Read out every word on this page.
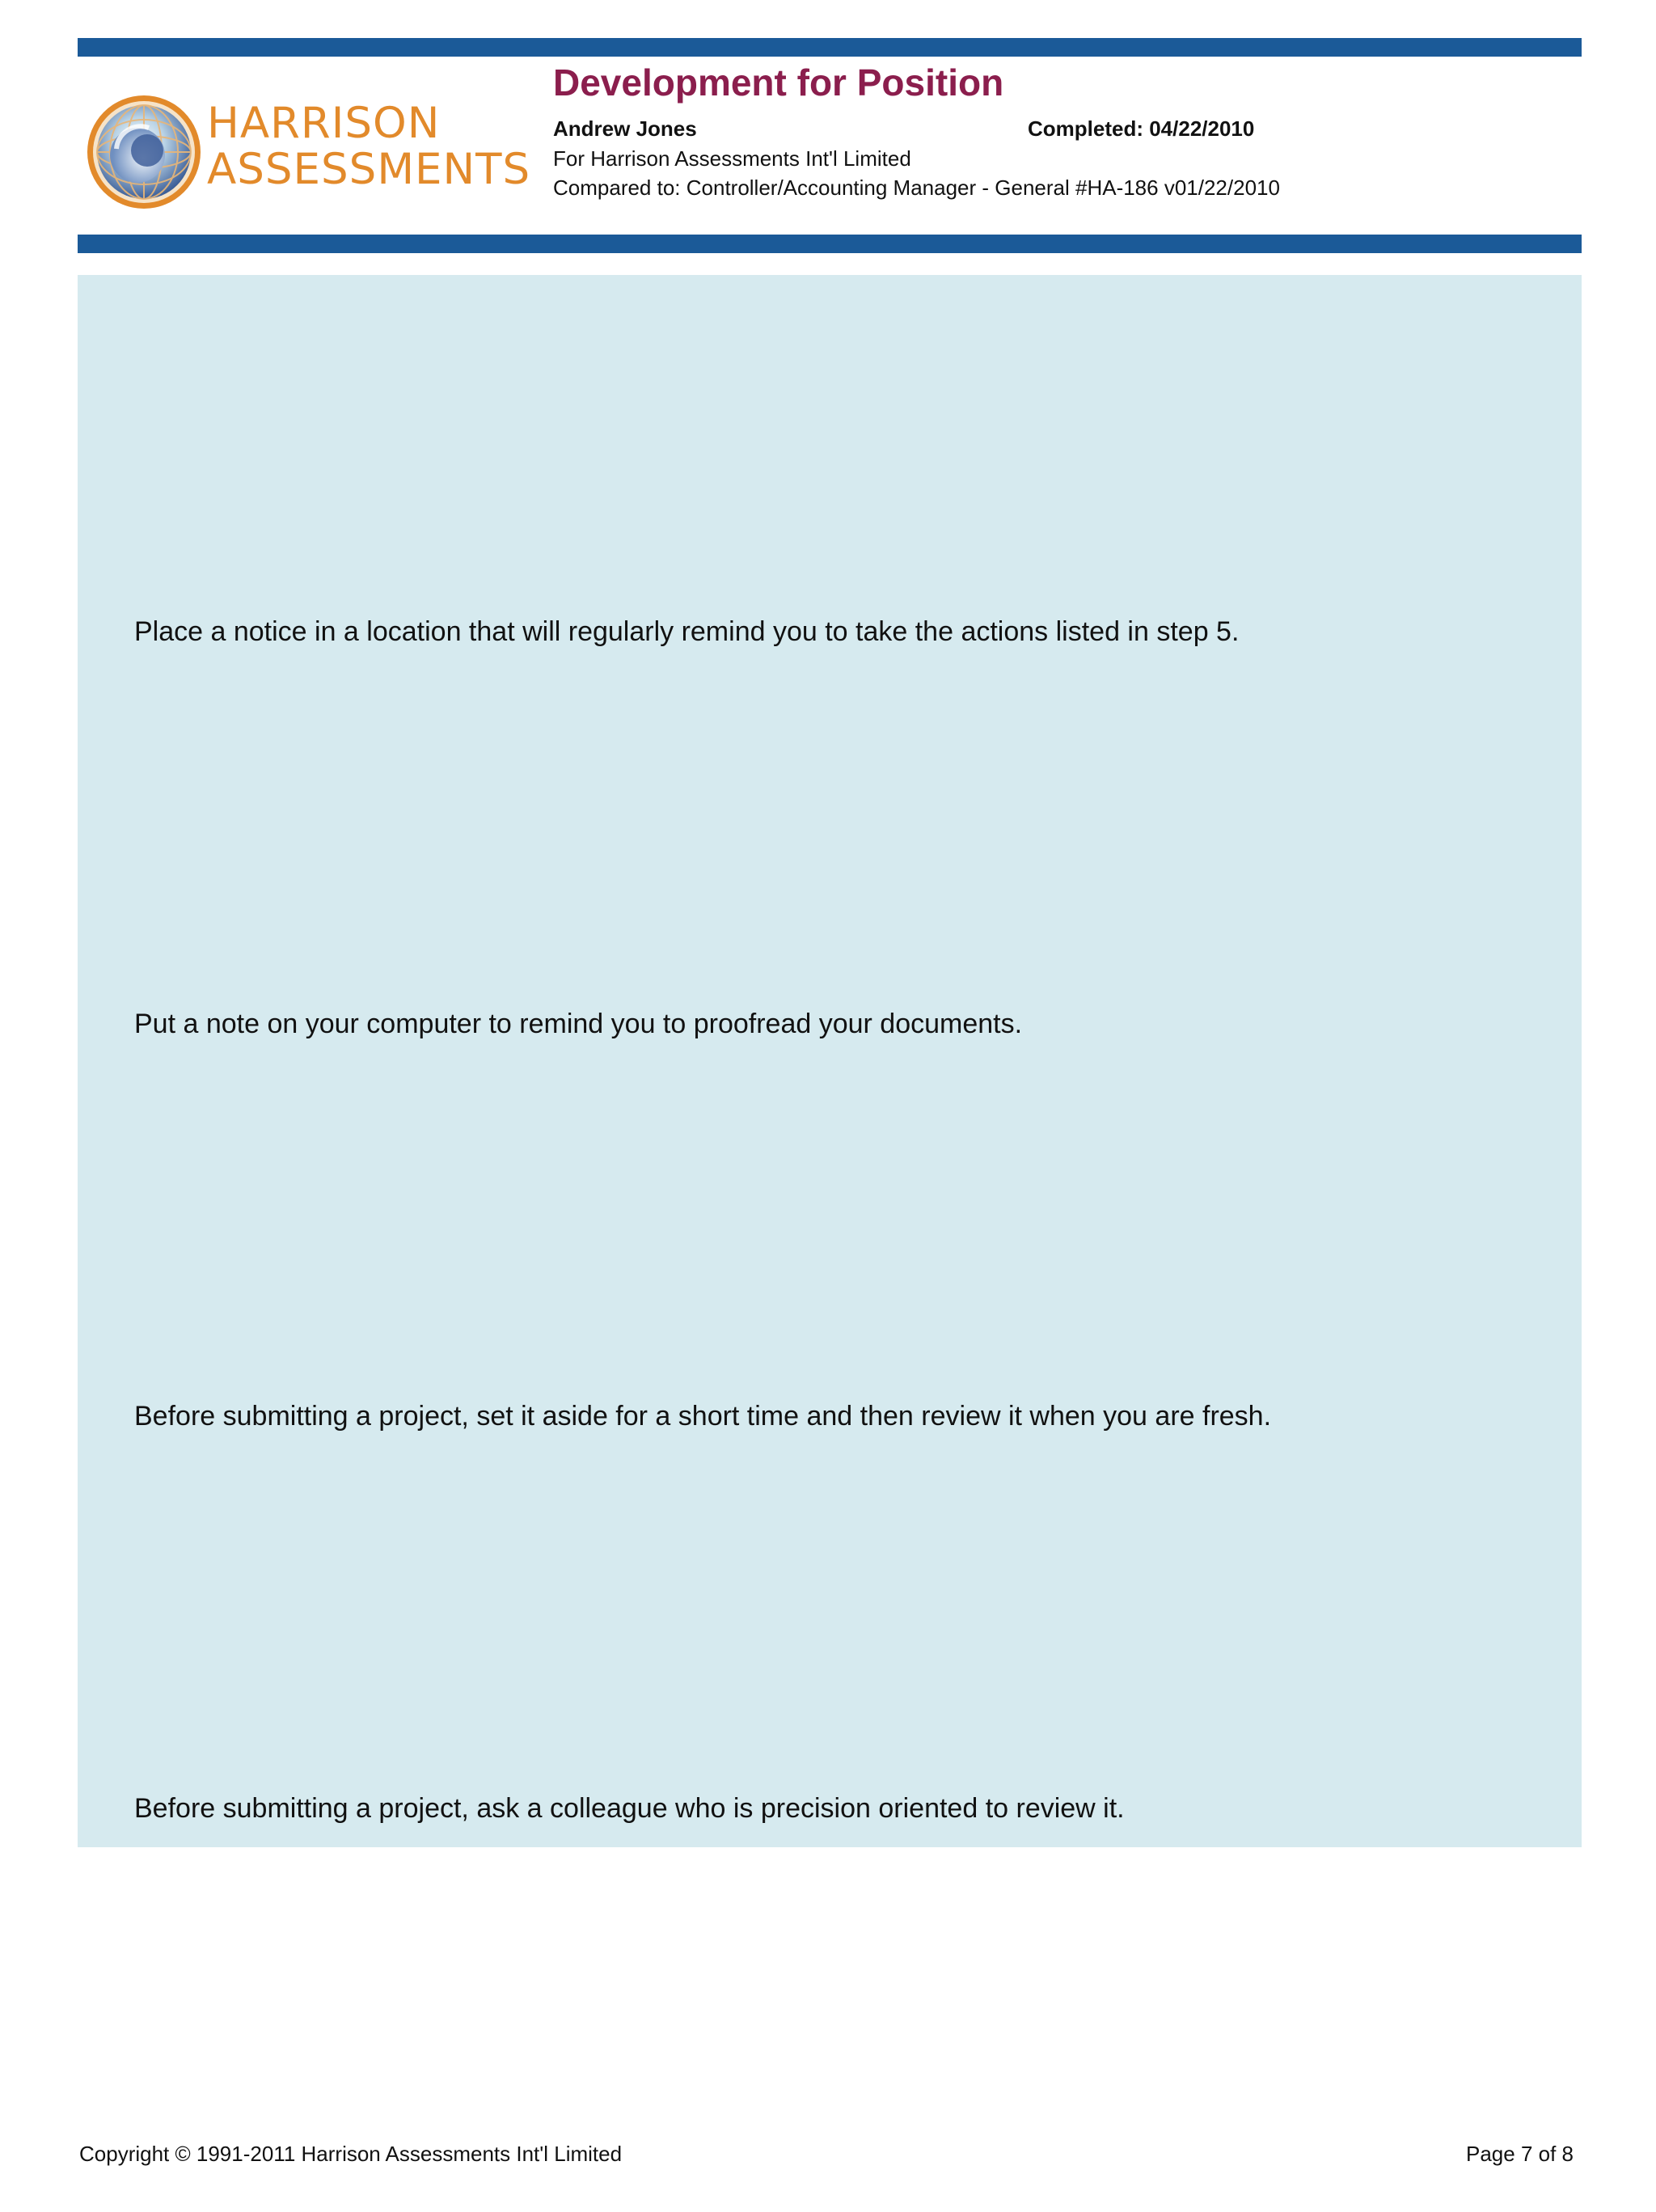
HARRISON
ASSESSMENTS
Development for Position
Andrew Jones	Completed: 04/22/2010
For Harrison Assessments Int'l Limited
Compared to: Controller/Accounting Manager - General #HA-186 v01/22/2010
Place a notice in a location that will regularly remind you to take the actions listed in step 5.
Put a note on your computer to remind you to proofread your documents.
Before submitting a project, set it aside for a short time and then review it when you are fresh.
Before submitting a project, ask a colleague who is precision oriented to review it.
Copyright © 1991-2011 Harrison Assessments Int'l Limited	Page 7 of 8
